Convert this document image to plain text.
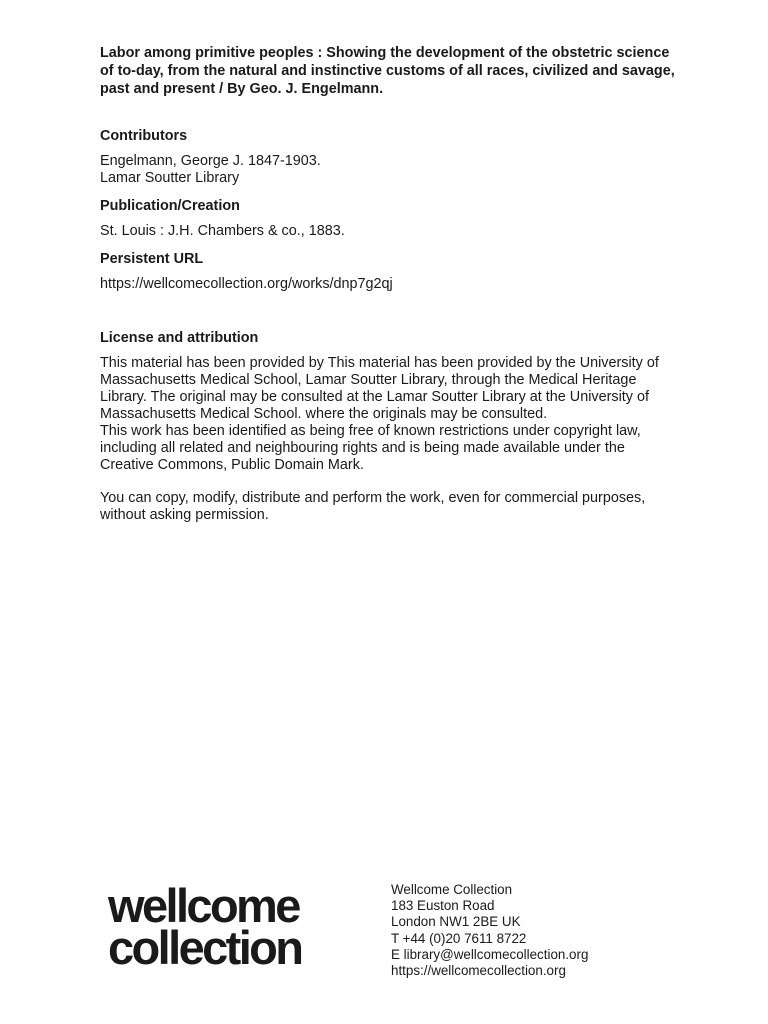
Labor among primitive peoples : Showing the development of the obstetric science of to-day, from the natural and instinctive customs of all races, civilized and savage, past and present / By Geo. J. Engelmann.
Contributors
Engelmann, George J. 1847-1903.
Lamar Soutter Library
Publication/Creation
St. Louis : J.H. Chambers & co., 1883.
Persistent URL
https://wellcomecollection.org/works/dnp7g2qj
License and attribution

This material has been provided by This material has been provided by the University of Massachusetts Medical School, Lamar Soutter Library, through the Medical Heritage Library. The original may be consulted at the Lamar Soutter Library at the University of Massachusetts Medical School. where the originals may be consulted.

This work has been identified as being free of known restrictions under copyright law, including all related and neighbouring rights and is being made available under the Creative Commons, Public Domain Mark.

You can copy, modify, distribute and perform the work, even for commercial purposes, without asking permission.
wellcome
collection
Wellcome Collection
183 Euston Road
London NW1 2BE UK
T +44 (0)20 7611 8722
E library@wellcomecollection.org
https://wellcomecollection.org
